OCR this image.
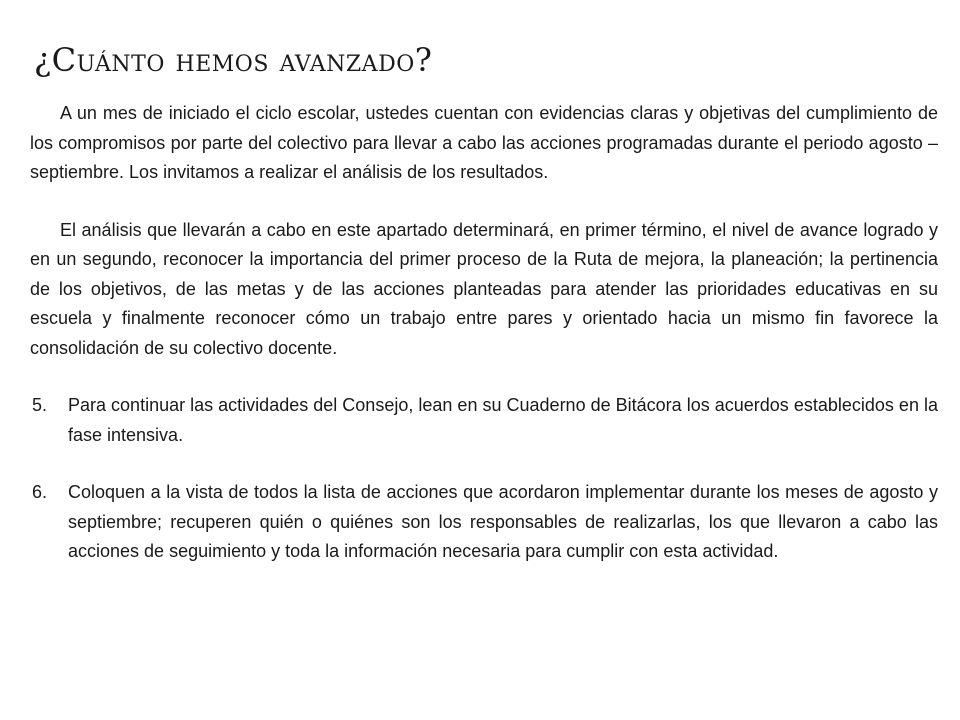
¿Cuánto hemos avanzado?

A un mes de iniciado el ciclo escolar, ustedes cuentan con evidencias claras y objetivas del cumplimiento de los compromisos por parte del colectivo para llevar a cabo las acciones programadas durante el periodo agosto – septiembre. Los invitamos a realizar el análisis de los resultados.

El análisis que llevarán a cabo en este apartado determinará, en primer término, el nivel de avance logrado y en un segundo, reconocer la importancia del primer proceso de la Ruta de mejora, la planeación; la pertinencia de los objetivos, de las metas y de las acciones planteadas para atender las prioridades educativas en su escuela y finalmente reconocer cómo un trabajo entre pares y orientado hacia un mismo fin favorece la consolidación de su colectivo docente.

5. Para continuar las actividades del Consejo, lean en su Cuaderno de Bitácora los acuerdos establecidos en la fase intensiva.
6. Coloquen a la vista de todos la lista de acciones que acordaron implementar durante los meses de agosto y septiembre; recuperen quién o quiénes son los responsables de realizarlas, los que llevaron a cabo las acciones de seguimiento y toda la información necesaria para cumplir con esta actividad.
